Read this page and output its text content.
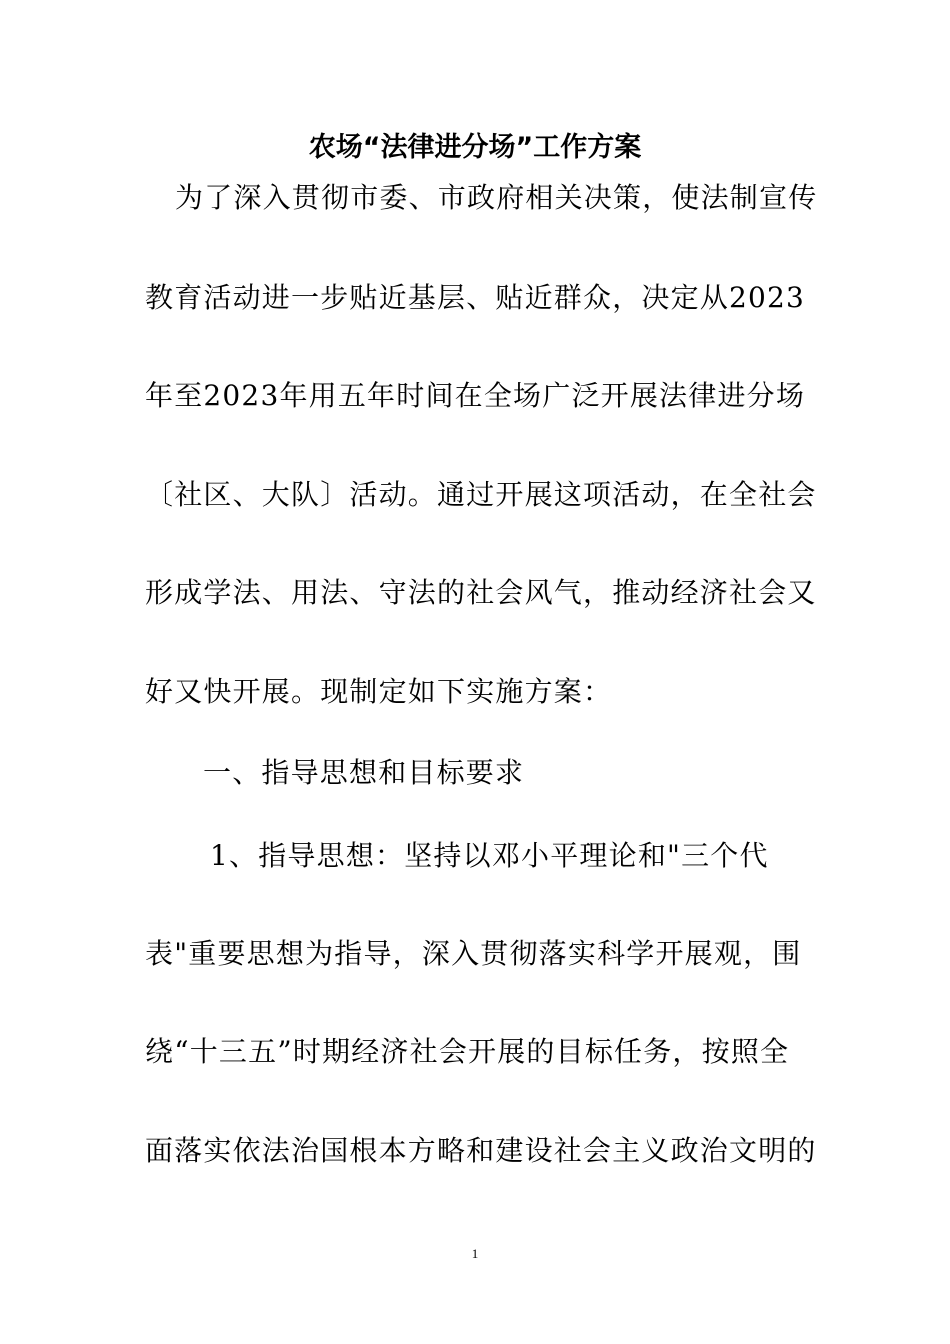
农场“法律进分场”工作方案
为了深入贯彻市委、市政府相关决策，使法制宣传
教育活动进一步贴近基层、贴近群众，决定从2023
年至2023年用五年时间在全场广泛开展法律进分场
〔社区、大队〕活动。通过开展这项活动，在全社会
形成学法、用法、守法的社会风气，推动经济社会又
好又快开展。现制定如下实施方案：
一、指导思想和目标要求
1、指导思想：坚持以邓小平理论和"三个代
表"重要思想为指导，深入贯彻落实科学开展观，围
绕“十三五”时期经济社会开展的目标任务，按照全
面落实依法治国根本方略和建设社会主义政治文明的
1
